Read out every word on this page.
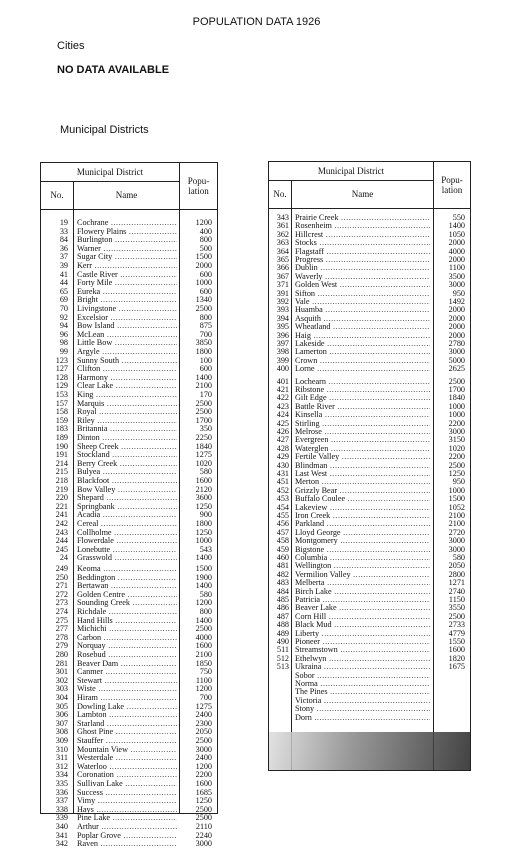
POPULATION DATA 1926
Cities
NO DATA AVAILABLE
Municipal Districts
Municipal District
No.	Name
Popu-lation
19 Cochrane .....	1200
33 Flowery Plains .....	400
84 Burlington .....	800
36 Warner .....	500
37 Sugar City .....	1500
39 Kerr .....	2000
41 Castle River .....	600
44 Forty Mile .....	1000
65 Eureka .....	600
69 Bright .....	1340
70 Livingstone .....	2500
92 Excelsior .....	800
94 Bow Island .....	875
96 McLean .....	700
98 Little Bow .....	3850
99 Argyle .....	1800
123 Sunny South .....	100
127 Clifton .....	600
128 Harmony .....	1400
129 Clear Lake .....	2100
153 King .....	170
157 Marquis .....	2500
158 Royal .....	2500
159 Riley .....	1700
183 Britannia .....	350
189 Dinton .....	2250
190 Sheep Creek .....	1840
191 Stockland .....	1275
214 Berry Creek .....	1020
215 Bulyea .....	580
218 Blackfoot .....	1600
219 Bow Valley .....	2120
220 Shepard .....	3600
221 Springbank .....	1250
241 Acadia .....	900
242 Cereal .....	1800
243 Collholme .....	1250
244 Flowerdale .....	1000
245 Lonebutte .....	543
24 Grasswold .....	1400
249 Keoma .....	1500
250 Beddington .....	1900
271 Bertawan .....	1400
272 Golden Centre .....	580
273 Sounding Creek .....	1200
274 Richdale .....	800
275 Hand Hills .....	1400
277 Michichi .....	2500
278 Carbon .....	4000
279 Norquay .....	1600
280 Rosebud .....	2100
281 Beaver Dam .....	1850
301 Canmer .....	750
302 Stewart .....	1100
303 Wiste .....	1200
304 Hiram .....	700
305 Dowling Lake .....	1275
306 Lambton .....	2400
307 Starland .....	2300
308 Ghost Pine .....	2050
309 Stauffer .....	2500
310 Mountain View .....	3000
311 Westerdale .....	2400
312 Waterloo .....	1200
334 Coronation .....	2200
335 Sullivan Lake .....	1600
336 Success .....	1685
337 Vimy .....	1250
338 Hays .....	2500
339 Pine Lake .....	2500
340 Arthur .....	2110
341 Poplar Grove .....	2240
342 Raven .....	3000
Municipal District
No.	Name
Popu-lation
343 Prairie Creek .....	550
361 Rosenheim .....	1400
362 Hillcrest .....	1050
363 Stocks .....	2000
364 Flagstaff .....	4000
365 Progress .....	2000
366 Dublin .....	1100
367 Waverly .....	3500
371 Golden West .....	3000
391 Sifton .....	950
392 Vale .....	1492
393 Huamba .....	2000
394 Asquith .....	2000
395 Wheatland .....	2000
396 Haig .....	2000
397 Lakeside .....	2780
398 Lamerton .....	3000
399 Crown .....	5000
400 Lorne .....	2625
401 Lochearn .....	2500
421 Ribstone .....	1700
422 Gilt Edge .....	1840
423 Battle River .....	1000
424 Kinsella .....	1000
425 Stirling .....	2200
426 Melrose .....	3000
427 Evergreen .....	3150
428 Waterglen .....	1020
429 Fertile Valley .....	2200
430 Blindman .....	2500
431 Last West .....	1250
451 Merton .....	950
452 Grizzly Bear .....	1000
453 Buffalo Coulee .....	1500
454 Lakeview .....	1052
455 Iron Creek .....	2100
456 Parkland .....	2100
457 Lloyd George .....	2720
458 Montgomery .....	3000
459 Bigstone .....	3000
460 Columbia .....	580
481 Wellington .....	2050
482 Vermilion Valley .....	2800
483 Melberta .....	1271
484 Birch Lake .....	2740
485 Patricia .....	1150
486 Beaver Lake .....	3550
487 Corn Hill .....	2500
488 Black Mud .....	2733
489 Liberty .....	4779
490 Pioneer .....	1550
511 Streamstown .....	1600
512 Ethelwyn .....	1820
513 Ukraina .....	1675
514 Sobor .....	3000
515 Norma .....	3000
516 The Pines .....	3500
517 Victoria .....	3000
518 Stony .....	3000
519 Dorn .....	1000
